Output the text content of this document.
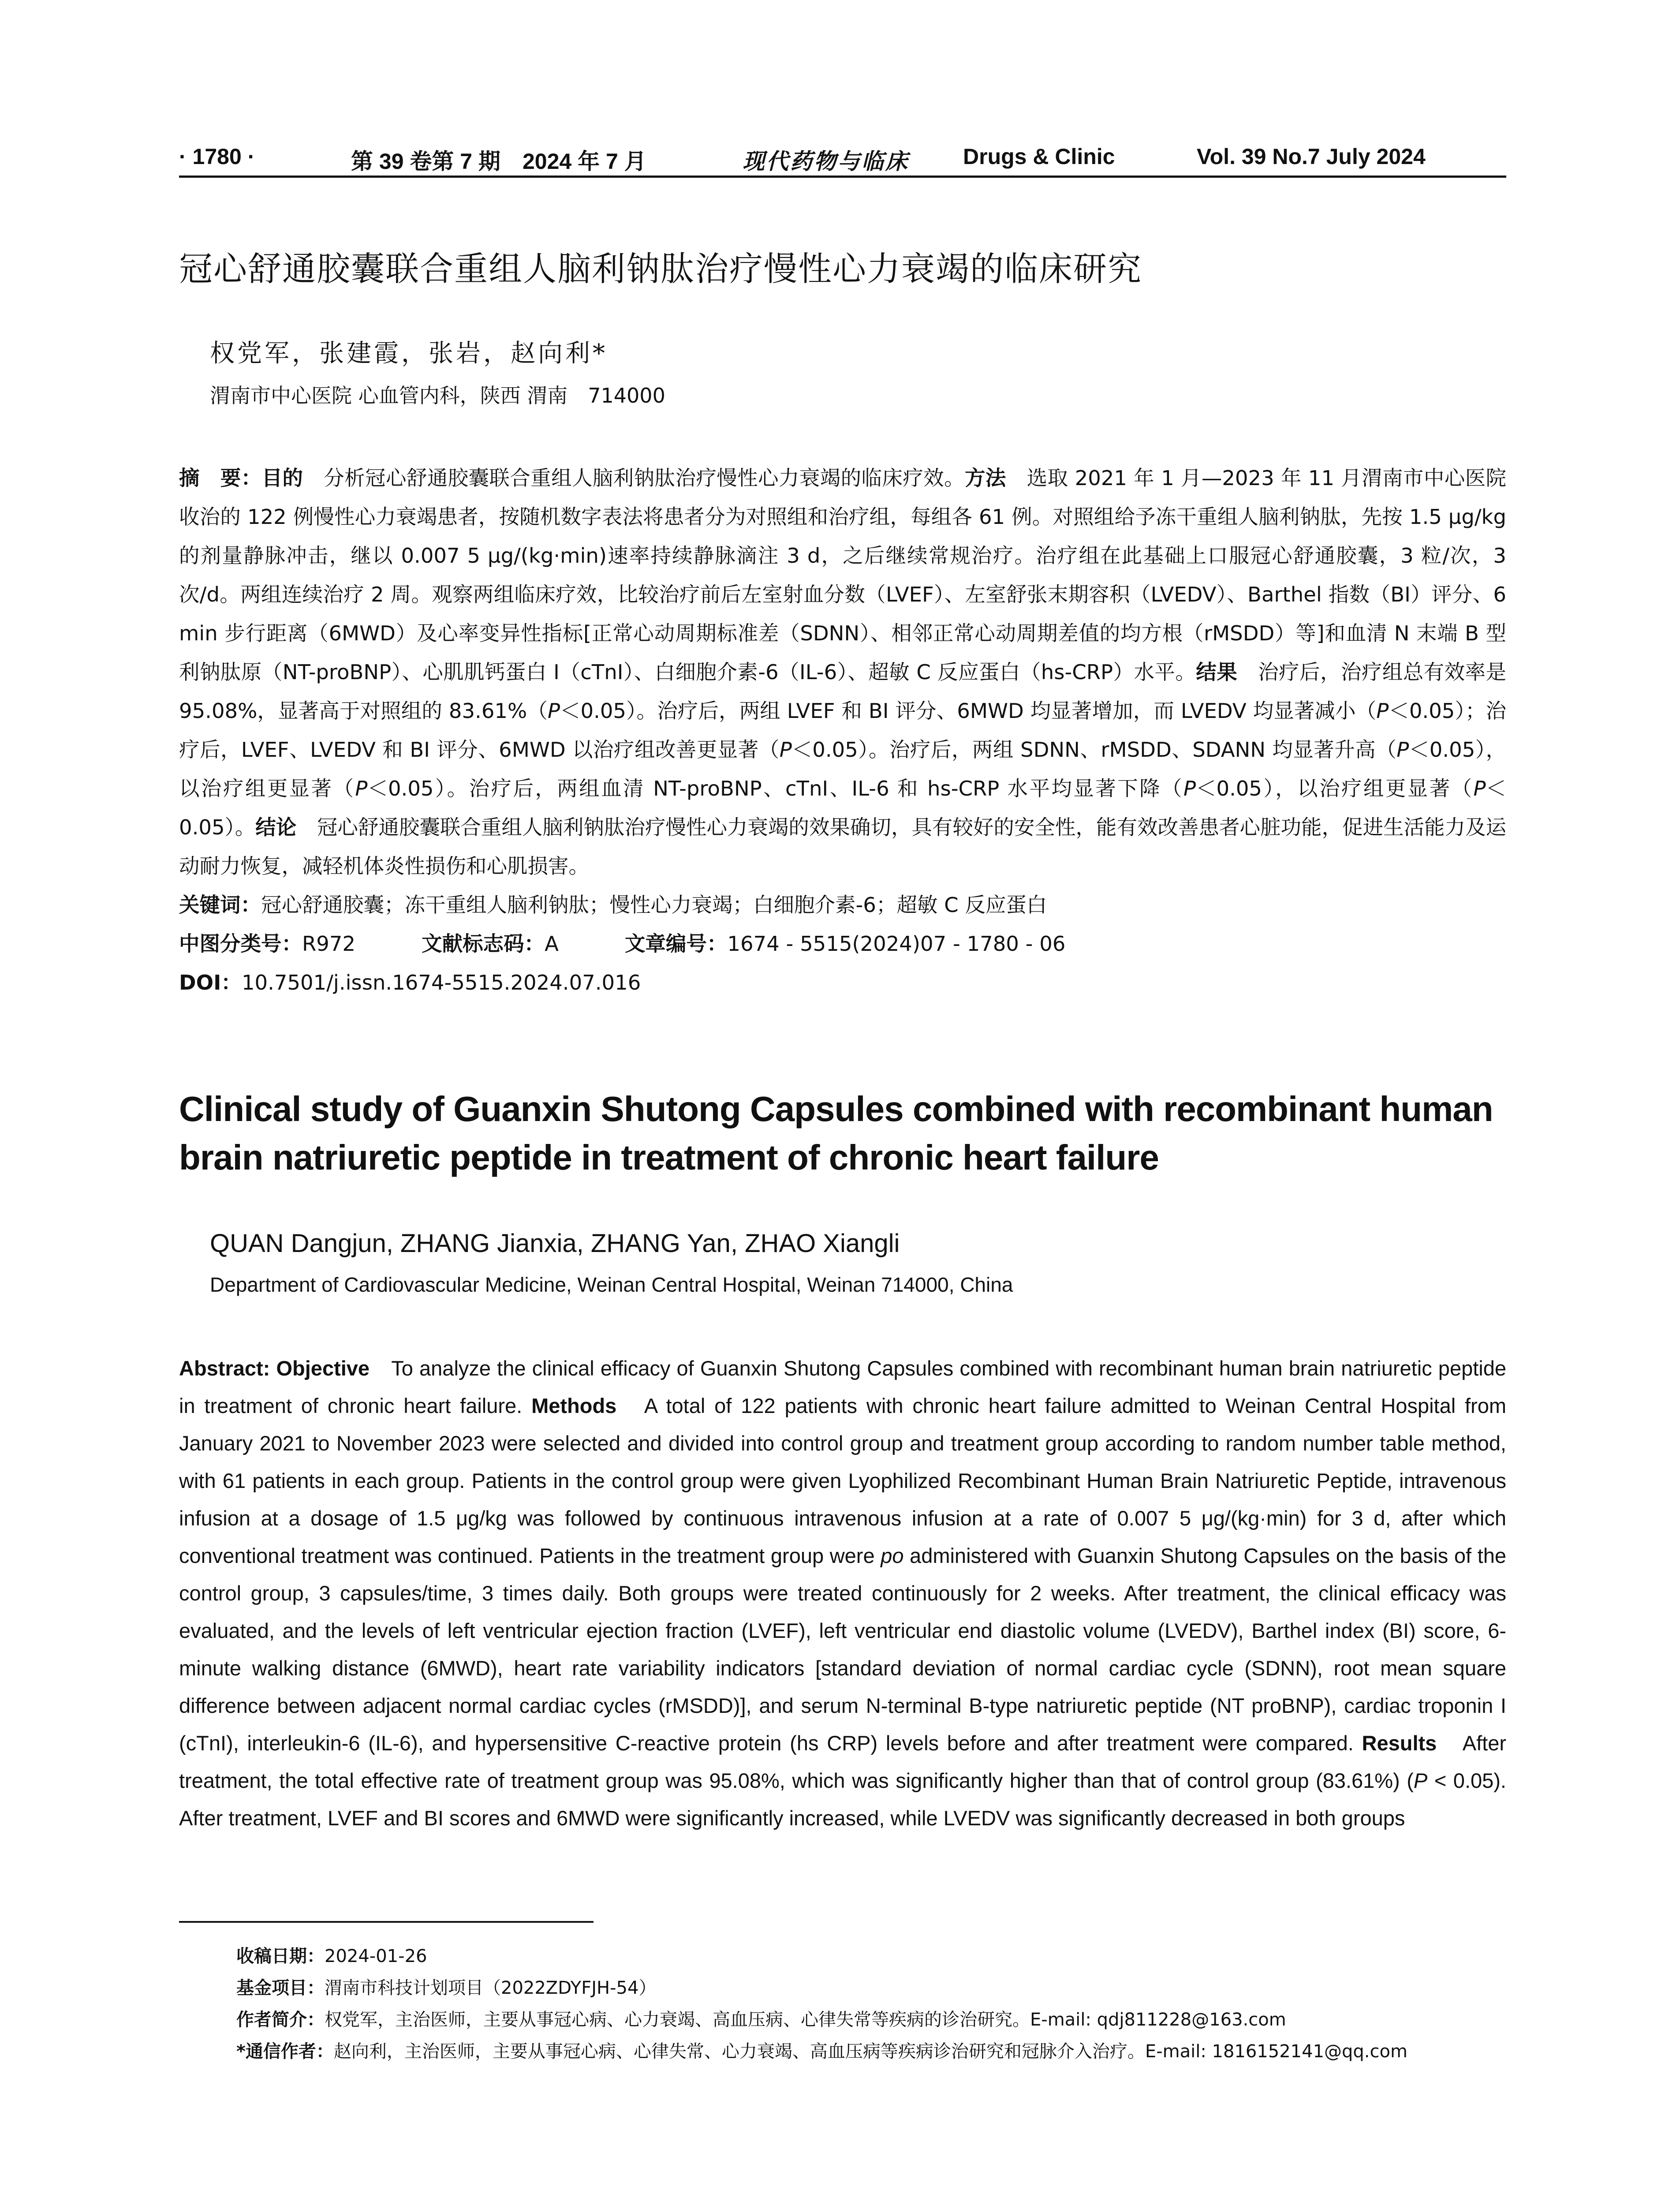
· 1780 ·	第 39 卷第 7 期　2024 年 7 月	现代药物与临床 Drugs & Clinic	Vol. 39 No.7 July 2024
冠心舒通胶囊联合重组人脑利钠肽治疗慢性心力衰竭的临床研究
权党军，张建霞，张岩，赵向利*
渭南市中心医院 心血管内科，陕西 渭南　714000
摘　要：目的　分析冠心舒通胶囊联合重组人脑利钠肽治疗慢性心力衰竭的临床疗效。方法　选取 2021 年 1 月—2023 年 11 月渭南市中心医院收治的 122 例慢性心力衰竭患者，按随机数字表法将患者分为对照组和治疗组，每组各 61 例。对照组给予冻干重组人脑利钠肽，先按 1.5 μg/kg 的剂量静脉冲击，继以 0.007 5 μg/(kg·min)速率持续静脉滴注 3 d，之后继续常规治疗。治疗组在此基础上口服冠心舒通胶囊，3 粒/次，3 次/d。两组连续治疗 2 周。观察两组临床疗效，比较治疗前后左室射血分数（LVEF）、左室舒张末期容积（LVEDV）、Barthel 指数（BI）评分、6 min 步行距离（6MWD）及心率变异性指标[正常心动周期标准差（SDNN）、相邻正常心动周期差值的均方根（rMSDD）等]和血清 N 末端 B 型利钠肽原（NT-proBNP）、心肌肌钙蛋白 I（cTnI）、白细胞介素-6（IL-6）、超敏 C 反应蛋白（hs-CRP）水平。结果　治疗后，治疗组总有效率是 95.08%，显著高于对照组的 83.61%（P＜0.05）。治疗后，两组 LVEF 和 BI 评分、6MWD 均显著增加，而 LVEDV 均显著减小（P＜0.05）；治疗后，LVEF、LVEDV 和 BI 评分、6MWD 以治疗组改善更显著（P＜0.05）。治疗后，两组 SDNN、rMSDD、SDANN 均显著升高（P＜0.05），以治疗组更显著（P＜0.05）。治疗后，两组血清 NT-proBNP、cTnI、IL-6 和 hs-CRP 水平均显著下降（P＜0.05），以治疗组更显著（P＜0.05）。结论　冠心舒通胶囊联合重组人脑利钠肽治疗慢性心力衰竭的效果确切，具有较好的安全性，能有效改善患者心脏功能，促进生活能力及运动耐力恢复，减轻机体炎性损伤和心肌损害。
关键词：冠心舒通胶囊；冻干重组人脑利钠肽；慢性心力衰竭；白细胞介素-6；超敏 C 反应蛋白
中图分类号：R972	文献标志码：A	文章编号：1674 - 5515(2024)07 - 1780 - 06
DOI：10.7501/j.issn.1674-5515.2024.07.016
Clinical study of Guanxin Shutong Capsules combined with recombinant human brain natriuretic peptide in treatment of chronic heart failure
QUAN Dangjun, ZHANG Jianxia, ZHANG Yan, ZHAO Xiangli
Department of Cardiovascular Medicine, Weinan Central Hospital, Weinan 714000, China
Abstract: Objective　To analyze the clinical efficacy of Guanxin Shutong Capsules combined with recombinant human brain natriuretic peptide in treatment of chronic heart failure. Methods　A total of 122 patients with chronic heart failure admitted to Weinan Central Hospital from January 2021 to November 2023 were selected and divided into control group and treatment group according to random number table method, with 61 patients in each group. Patients in the control group were given Lyophilized Recombinant Human Brain Natriuretic Peptide, intravenous infusion at a dosage of 1.5 μg/kg was followed by continuous intravenous infusion at a rate of 0.007 5 μg/(kg·min) for 3 d, after which conventional treatment was continued. Patients in the treatment group were po administered with Guanxin Shutong Capsules on the basis of the control group, 3 capsules/time, 3 times daily. Both groups were treated continuously for 2 weeks. After treatment, the clinical efficacy was evaluated, and the levels of left ventricular ejection fraction (LVEF), left ventricular end diastolic volume (LVEDV), Barthel index (BI) score, 6-minute walking distance (6MWD), heart rate variability indicators [standard deviation of normal cardiac cycle (SDNN), root mean square difference between adjacent normal cardiac cycles (rMSDD)], and serum N-terminal B-type natriuretic peptide (NT proBNP), cardiac troponin I (cTnI), interleukin-6 (IL-6), and hypersensitive C-reactive protein (hs CRP) levels before and after treatment were compared. Results　After treatment, the total effective rate of treatment group was 95.08%, which was significantly higher than that of control group (83.61%) (P < 0.05). After treatment, LVEF and BI scores and 6MWD were significantly increased, while LVEDV was significantly decreased in both groups
收稿日期：2024-01-26
基金项目：渭南市科技计划项目（2022ZDYFJH-54）
作者简介：权党军，主治医师，主要从事冠心病、心力衰竭、高血压病、心律失常等疾病的诊治研究。E-mail: qdj811228@163.com
*通信作者：赵向利，主治医师，主要从事冠心病、心律失常、心力衰竭、高血压病等疾病诊治研究和冠脉介入治疗。E-mail: 1816152141@qq.com
